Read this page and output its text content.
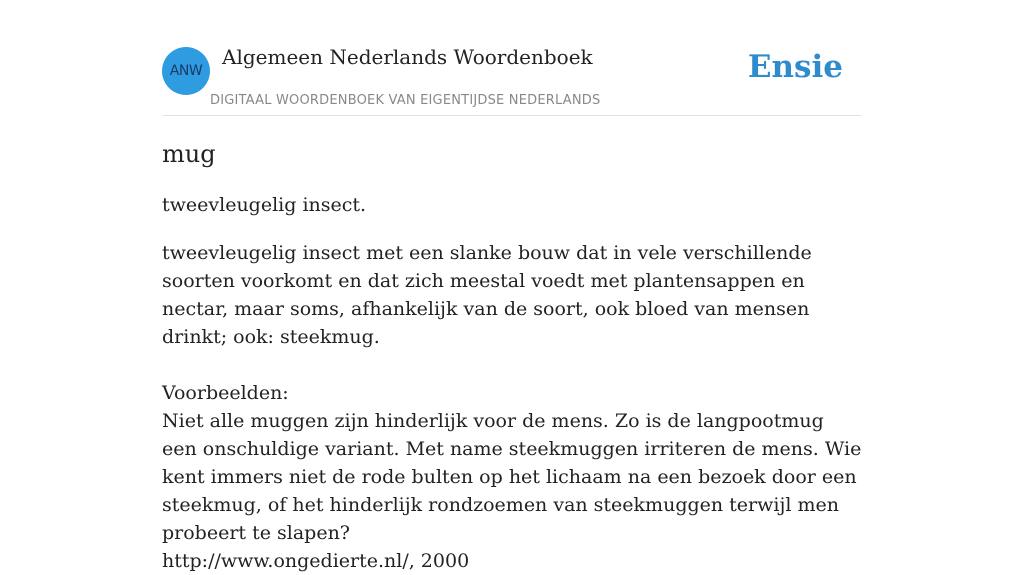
ANW
Algemeen Nederlands Woordenboek
DIGITAAL WOORDENBOEK VAN EIGENTIJDSE NEDERLANDS
Ensie
mug
tweevleugelig insect.

tweevleugelig insect met een slanke bouw dat in vele verschillende soorten voorkomt en dat zich meestal voedt met plantensappen en nectar, maar soms, afhankelijk van de soort, ook bloed van mensen drinkt; ook: steekmug.

Voorbeelden:

Niet alle muggen zijn hinderlijk voor de mens. Zo is de langpootmug een onschuldige variant. Met name steekmuggen irriteren de mens. Wie kent immers niet de rode bulten op het lichaam na een bezoek door een steekmug, of het hinderlijk rondzoemen van steekmuggen terwijl men probeert te slapen?

http://www.ongedierte.nl/, 2000
